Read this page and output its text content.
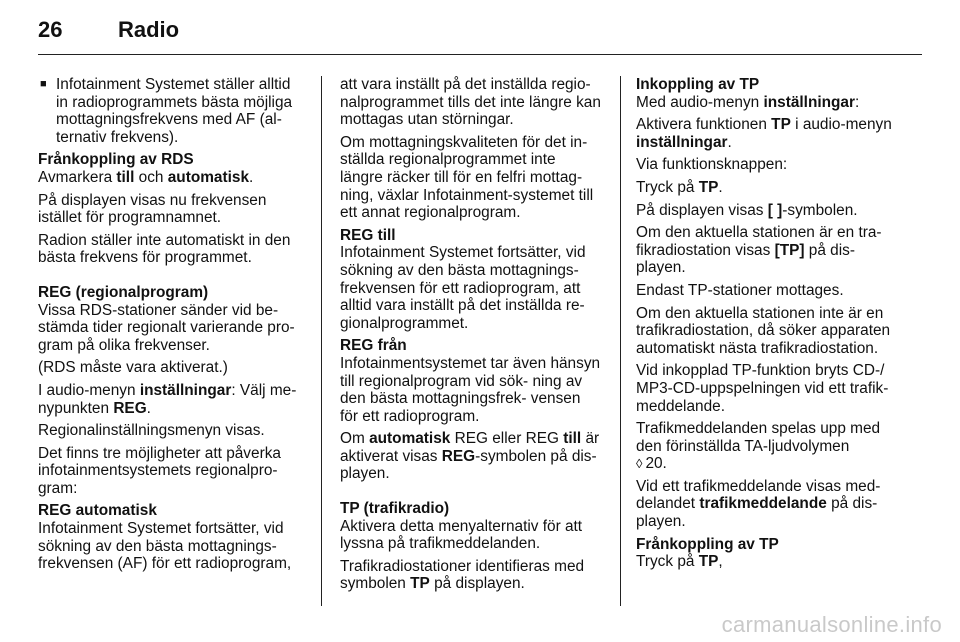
26	Radio
■ Infotainment Systemet ställer alltid in radioprogrammets bästa möjliga mottagningsfrekvens med AF (al- ternativ frekvens).
Frånkoppling av RDS
Avmarkera till och automatisk.
På displayen visas nu frekvensen istället för programnamnet.
Radion ställer inte automatiskt in den bästa frekvens för programmet.
REG (regionalprogram)
Vissa RDS-stationer sänder vid be- stämda tider regionalt varierande pro- gram på olika frekvenser.
(RDS måste vara aktiverat.)
I audio-menyn inställningar: Välj me- nypunkten REG.
Regionalinställningsmenyn visas.
Det finns tre möjligheter att påverka infotainmentsystemets regionalpro- gram:
REG automatisk
Infotainment Systemet fortsätter, vid sökning av den bästa mottagnings- frekvensen (AF) för ett radioprogram,
att vara inställt på det inställda regio- nalprogrammet tills det inte längre kan mottagas utan störningar.
Om mottagningskvaliteten för det in- ställda regionalprogrammet inte längre räcker till för en felfri mottag- ning, växlar Infotainment-systemet till ett annat regionalprogram.
REG till
Infotainment Systemet fortsätter, vid sökning av den bästa mottagnings- frekvensen för ett radioprogram, att alltid vara inställt på det inställda re- gionalprogrammet.
REG från
Infotainmentsystemet tar även hänsyn till regionalprogram vid sök- ning av den bästa mottagningsfrek- vensen för ett radioprogram.
Om automatisk REG eller REG till är aktiverat visas REG-symbolen på dis- playen.
TP (trafikradio)
Aktivera detta menyalternativ för att lyssna på trafikmeddelanden.
Trafikradiostationer identifieras med symbolen TP på displayen.
Inkoppling av TP
Med audio-menyn inställningar:
Aktivera funktionen TP i audio-menyn inställningar.
Via funktionsknappen:
Tryck på TP.
På displayen visas [ ]-symbolen.
Om den aktuella stationen är en tra- fikradiostation visas [TP] på dis- playen.
Endast TP-stationer mottages.
Om den aktuella stationen inte är en trafikradiostation, då söker apparaten automatiskt nästa trafikradiostation.
Vid inkopplad TP-funktion bryts CD-/ MP3-CD-uppspelningen vid ett trafik- meddelande.
Trafikmeddelanden spelas upp med den förinställda TA-ljudvolymen
◊ 20.
Vid ett trafikmeddelande visas med- delandet trafikmeddelande på dis- playen.
Frånkoppling av TP
Tryck på TP,
carmanualsonline.info
